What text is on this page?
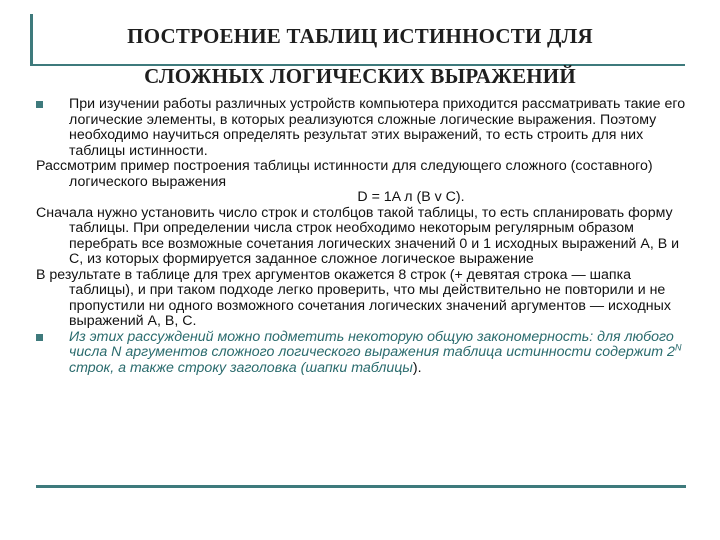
ПОСТРОЕНИЕ ТАБЛИЦ ИСТИННОСТИ ДЛЯ
СЛОЖНЫХ ЛОГИЧЕСКИХ ВЫРАЖЕНИЙ

При изучении работы различных устройств компьютера приходится рассматривать такие его логические элементы, в которых реализуются сложные логические выражения. Поэтому необходимо научиться определять результат этих выражений, то есть строить для них таблицы истинности.

Рассмотрим пример построения таблицы истинности для следующего сложного (составного) логического выражения

D = 1A л (B v C).

Сначала нужно установить число строк и столбцов такой таблицы, то есть спланировать форму таблицы. При определении числа строк необходимо некоторым регулярным образом перебрать все возможные сочетания логических значений 0 и 1 исходных выражений А, В и С, из которых формируется заданное сложное логическое выражение

В результате в таблице для трех аргументов окажется 8 строк (+ девятая строка — шапка таблицы), и при таком подходе легко проверить, что мы действительно не повторили и не пропустили ни одного возможного сочетания логических значений аргументов — исходных выражений А, В, С.

Из этих рассуждений можно подметить некоторую общую закономерность: для любого числа N аргументов сложного логического выражения таблица истинности содержит $2^N$ строк, а также строку заголовка (шапки таблицы).
